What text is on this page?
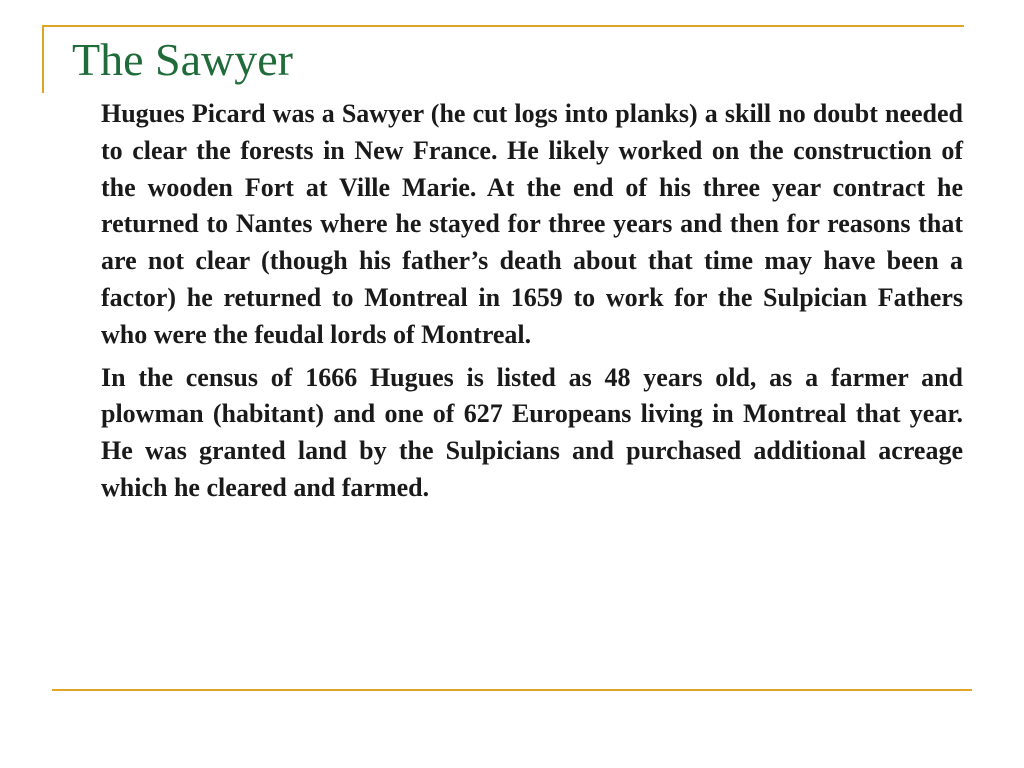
The Sawyer

Hugues Picard was a Sawyer (he cut logs into planks) a skill no doubt needed to clear the forests in New France. He likely worked on the construction of the wooden Fort at Ville Marie. At the end of his three year contract he returned to Nantes where he stayed for three years and then for reasons that are not clear (though his father’s death about that time may have been a factor) he returned to Montreal in 1659 to work for the Sulpician Fathers who were the feudal lords of Montreal.

In the census of 1666 Hugues is listed as 48 years old, as a farmer and plowman (habitant) and one of 627 Europeans living in Montreal that year. He was granted land by the Sulpicians and purchased additional acreage which he cleared and farmed.
